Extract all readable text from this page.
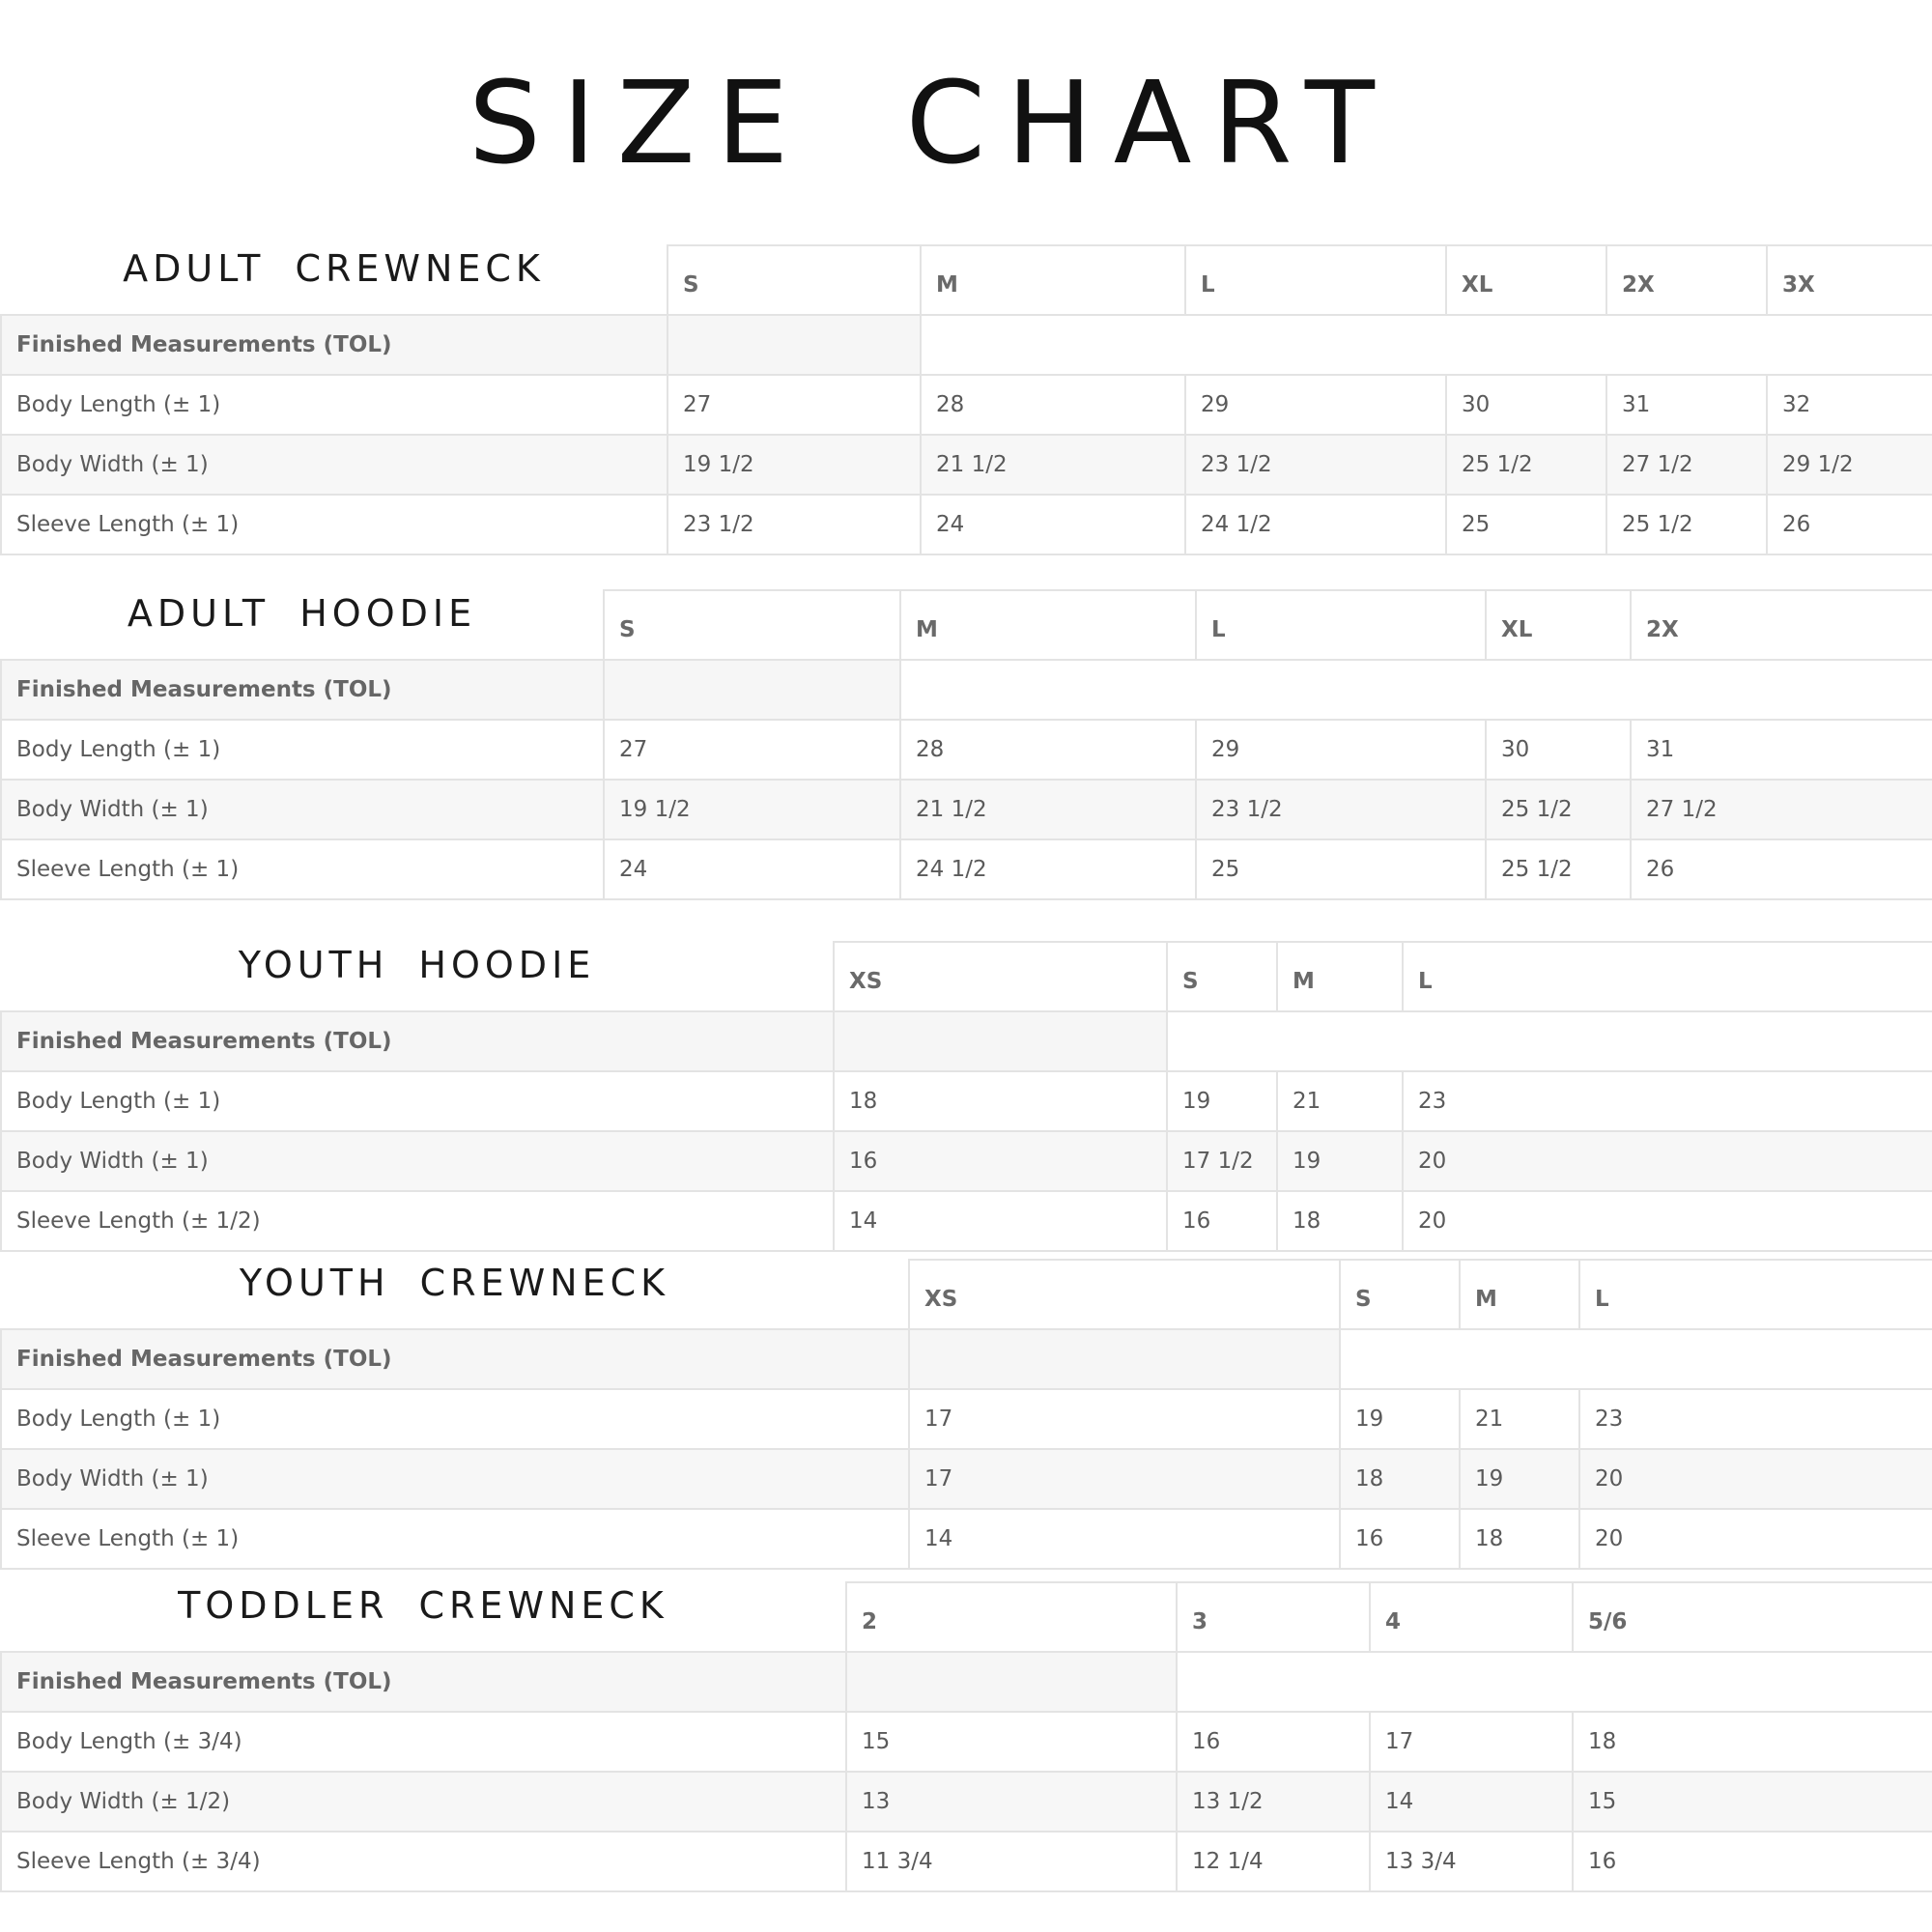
SIZE CHART
ADULT CREWNECK	S	M	L	XL	2X	3X
Finished Measurements (TOL)						
Body Length (± 1)	27	28	29	30	31	32
Body Width (± 1)	19 1/2	21 1/2	23 1/2	25 1/2	27 1/2	29 1/2
Sleeve Length (± 1)	23 1/2	24	24 1/2	25	25 1/2	26
ADULT HOODIE	S	M	L	XL	2X	
Finished Measurements (TOL)						
Body Length (± 1)	27	28	29	30	31	
Body Width (± 1)	19 1/2	21 1/2	23 1/2	25 1/2	27 1/2	
Sleeve Length (± 1)	24	24 1/2	25	25 1/2	26	
YOUTH HOODIE	XS	S	M	L	
Finished Measurements (TOL)					
Body Length (± 1)	18	19	21	23	
Body Width (± 1)	16	17 1/2	19	20	
Sleeve Length (± 1/2)	14	16	18	20	
YOUTH CREWNECK	XS	S	M	L	
Finished Measurements (TOL)					
Body Length (± 1)	17	19	21	23	
Body Width (± 1)	17	18	19	20	
Sleeve Length (± 1)	14	16	18	20	
TODDLER CREWNECK	2	3	4	5/6	
Finished Measurements (TOL)					
Body Length (± 3/4)	15	16	17	18	
Body Width (± 1/2)	13	13 1/2	14	15	
Sleeve Length (± 3/4)	11 3/4	12 1/4	13 3/4	16	
